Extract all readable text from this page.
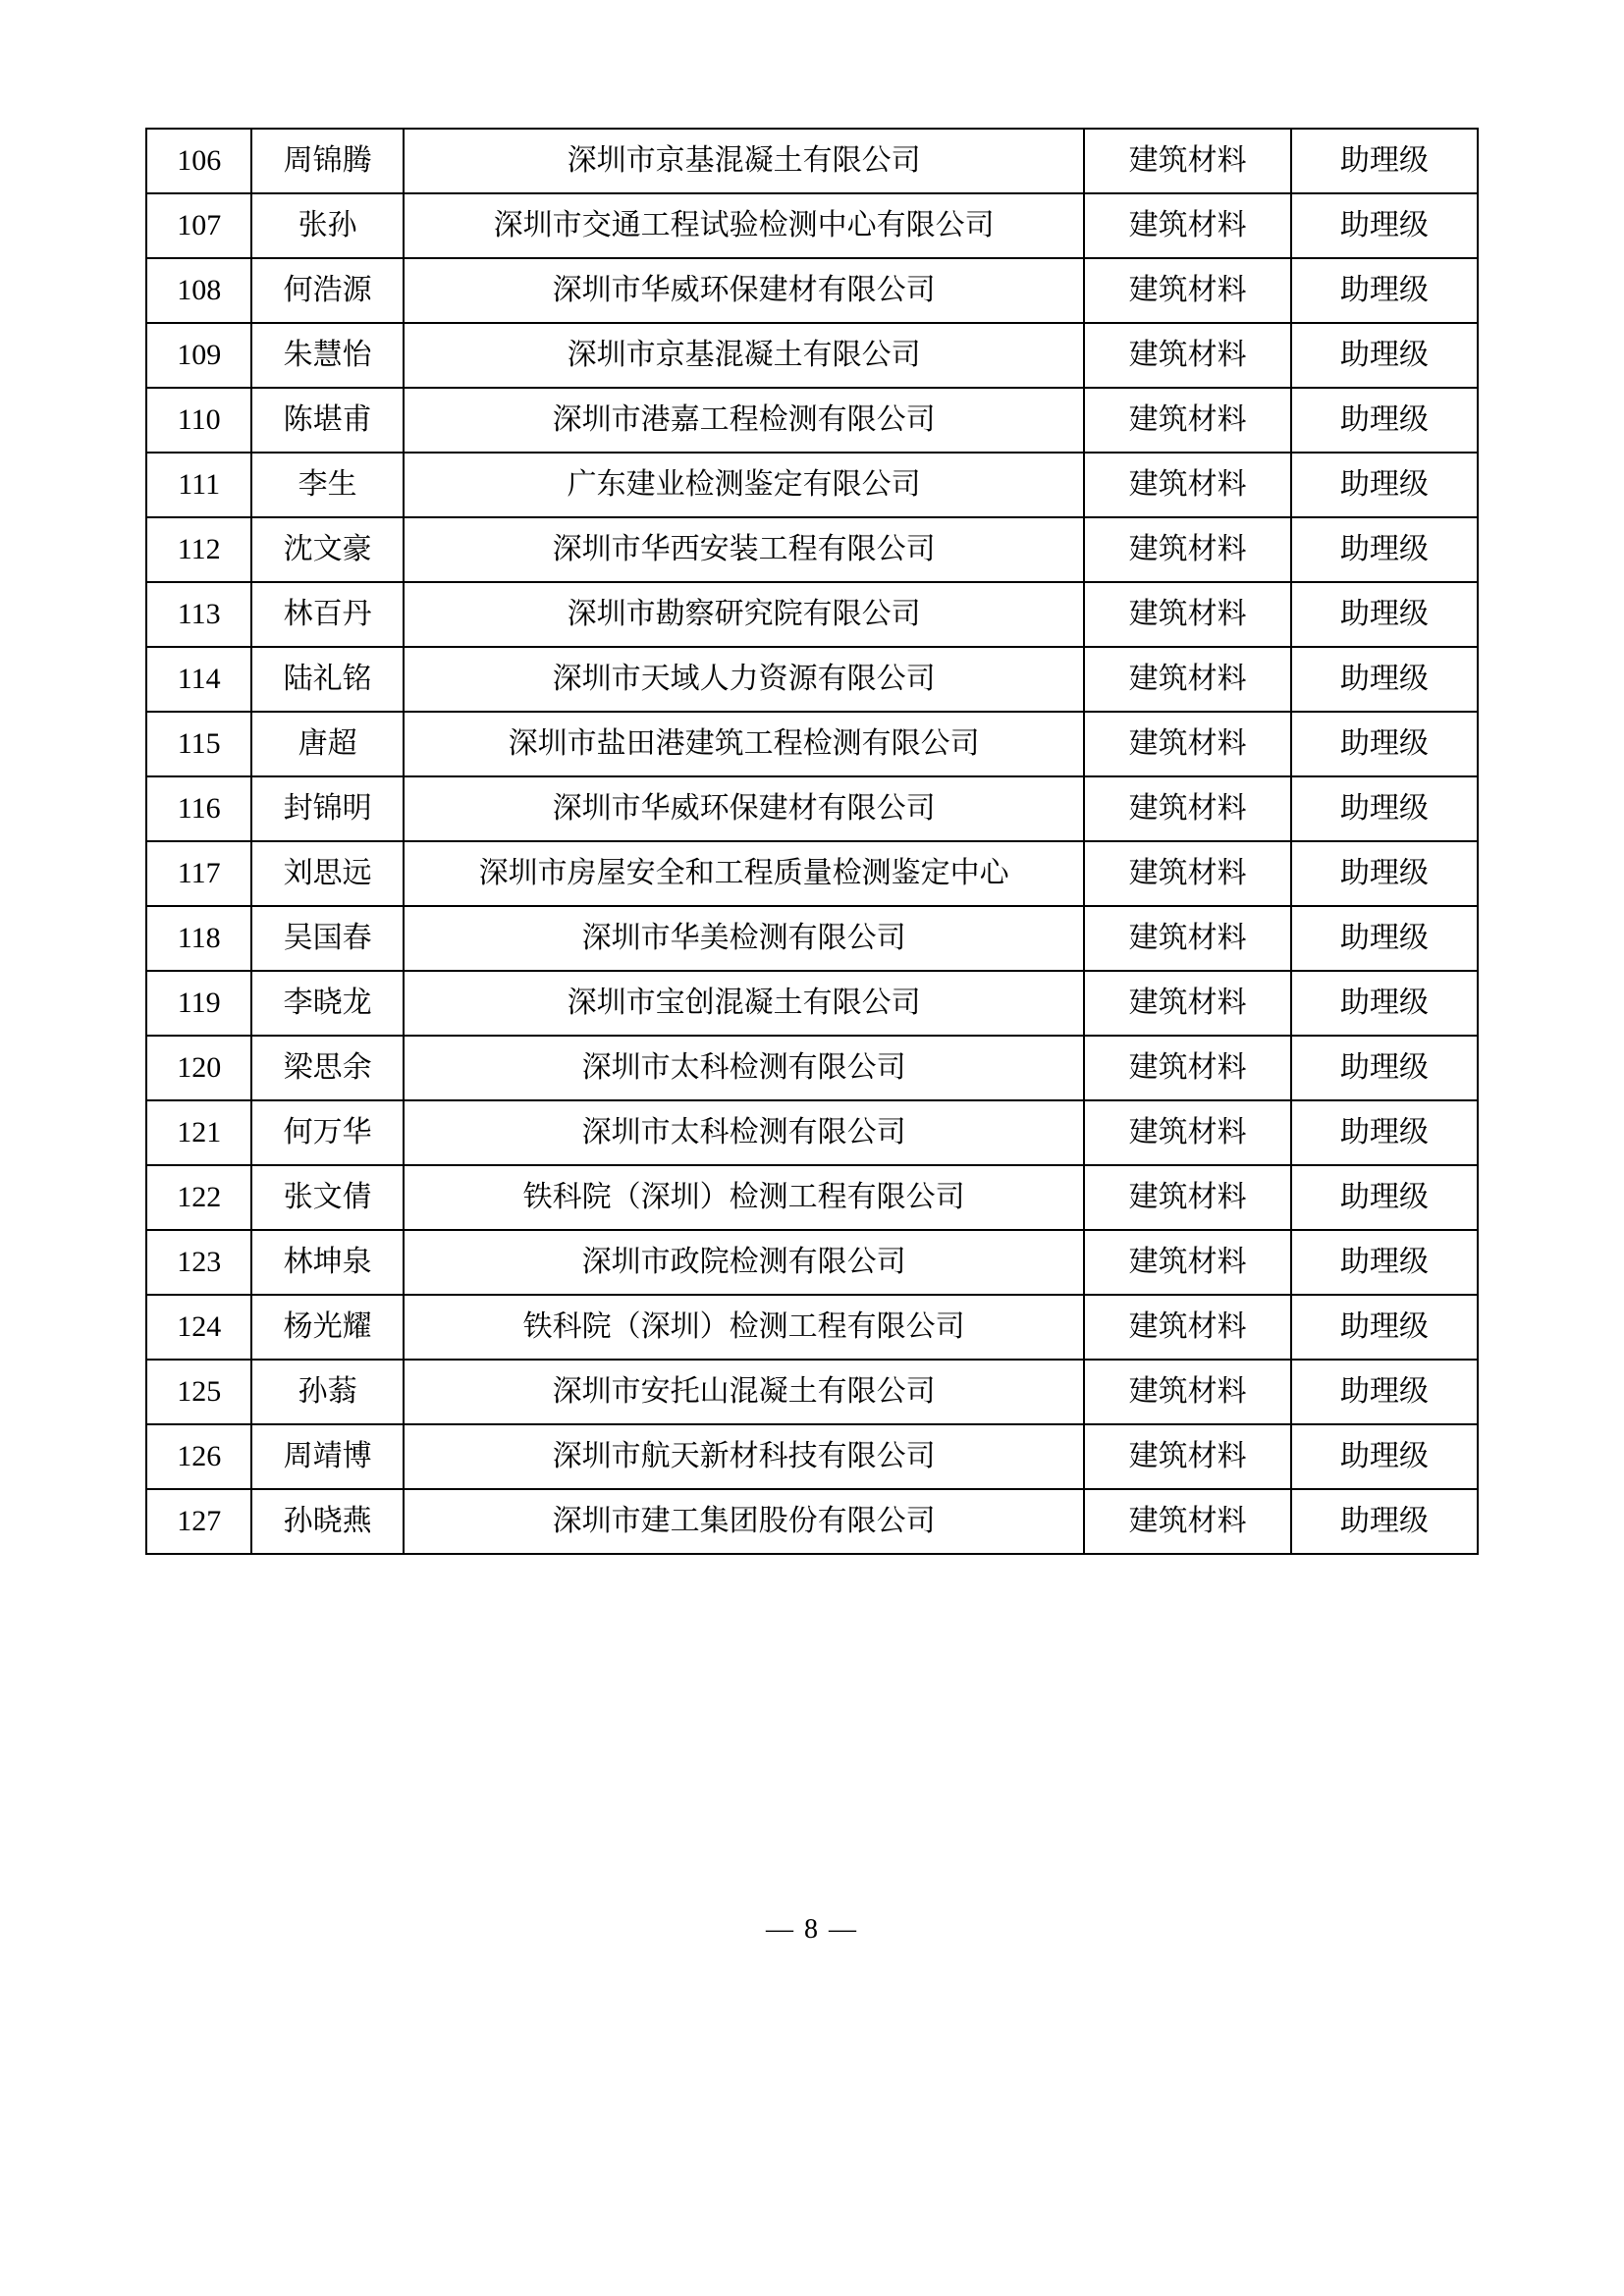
106	周锦腾	深圳市京基混凝土有限公司	建筑材料	助理级
107	张孙	深圳市交通工程试验检测中心有限公司	建筑材料	助理级
108	何浩源	深圳市华威环保建材有限公司	建筑材料	助理级
109	朱慧怡	深圳市京基混凝土有限公司	建筑材料	助理级
110	陈堪甫	深圳市港嘉工程检测有限公司	建筑材料	助理级
111	李生	广东建业检测鉴定有限公司	建筑材料	助理级
112	沈文豪	深圳市华西安装工程有限公司	建筑材料	助理级
113	林百丹	深圳市勘察研究院有限公司	建筑材料	助理级
114	陆礼铭	深圳市天域人力资源有限公司	建筑材料	助理级
115	唐超	深圳市盐田港建筑工程检测有限公司	建筑材料	助理级
116	封锦明	深圳市华威环保建材有限公司	建筑材料	助理级
117	刘思远	深圳市房屋安全和工程质量检测鉴定中心	建筑材料	助理级
118	吴国春	深圳市华美检测有限公司	建筑材料	助理级
119	李晓龙	深圳市宝创混凝土有限公司	建筑材料	助理级
120	梁思余	深圳市太科检测有限公司	建筑材料	助理级
121	何万华	深圳市太科检测有限公司	建筑材料	助理级
122	张文倩	铁科院（深圳）检测工程有限公司	建筑材料	助理级
123	林坤泉	深圳市政院检测有限公司	建筑材料	助理级
124	杨光耀	铁科院（深圳）检测工程有限公司	建筑材料	助理级
125	孙蓊	深圳市安托山混凝土有限公司	建筑材料	助理级
126	周靖博	深圳市航天新材科技有限公司	建筑材料	助理级
127	孙晓燕	深圳市建工集团股份有限公司	建筑材料	助理级
— 8 —
